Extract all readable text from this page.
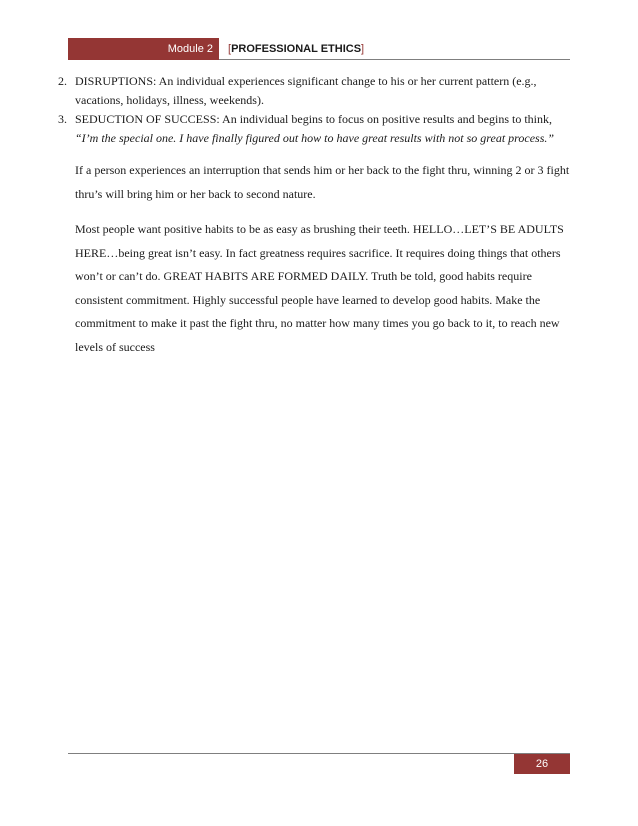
Module 2	[PROFESSIONAL ETHICS]
2. DISRUPTIONS: An individual experiences significant change to his or her current pattern (e.g., vacations, holidays, illness, weekends).
3. SEDUCTION OF SUCCESS: An individual begins to focus on positive results and begins to think, “I’m the special one. I have finally figured out how to have great results with not so great process.”

If a person experiences an interruption that sends him or her back to the fight thru, winning 2 or 3 fight thru’s will bring him or her back to second nature.

Most people want positive habits to be as easy as brushing their teeth. HELLO…LET’S BE ADULTS HERE…being great isn’t easy. In fact greatness requires sacrifice. It requires doing things that others won’t or can’t do. GREAT HABITS ARE FORMED DAILY. Truth be told, good habits require consistent commitment. Highly successful people have learned to develop good habits. Make the commitment to make it past the fight thru, no matter how many times you go back to it, to reach new levels of success

26
